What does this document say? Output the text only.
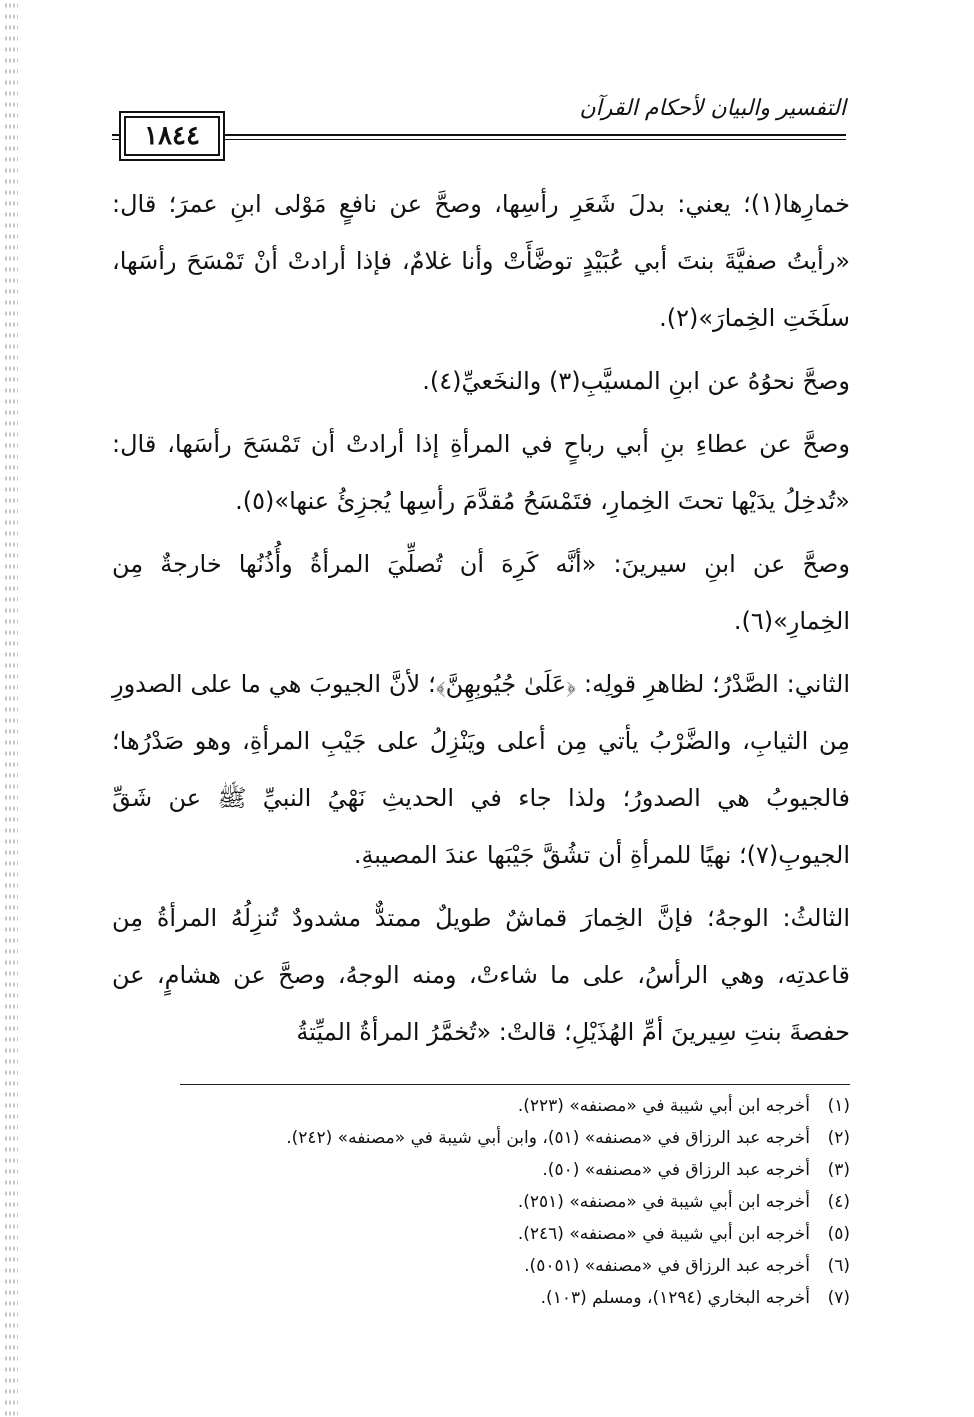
التفسير والبيان لأحكام القرآن
١٨٤٤

خمارِها(١)؛ يعني: بدلَ شَعَرِ رأسِها، وصحَّ عن نافعٍ مَوْلى ابنِ عمرَ؛ قال: «رأيتُ صفيَّةَ بنتَ أبي عُبَيْدٍ توضَّأَتْ وأنا غلامٌ، فإذا أرادتْ أنْ تَمْسَحَ رأسَها، سلَخَتِ الخِمارَ»(٢).

وصحَّ نحوُهُ عن ابنِ المسيَّبِ(٣) والنخَعيِّ(٤).

وصحَّ عن عطاءِ بنِ أبي رباحٍ في المرأةِ إذا أرادتْ أن تَمْسَحَ رأسَها، قال: «تُدخِلُ يدَيْها تحتَ الخِمارِ، فتَمْسَحُ مُقدَّمَ رأسِها يُجزِئُ عنها»(٥).

وصحَّ عن ابنِ سيرينَ: «أنَّه كَرِهَ أن تُصلِّيَ المرأةُ وأُذُنُها خارجةٌ مِن الخِمارِ»(٦).

الثاني: الصَّدْرُ؛ لظاهرِ قولِه: ﴿عَلَىٰ جُيُوبِهِنَّ﴾؛ لأنَّ الجيوبَ هي ما على الصدورِ مِن الثيابِ، والضَّرْبُ يأتي مِن أعلى ويَنْزِلُ على جَيْبِ المرأةِ، وهو صَدْرُها؛ فالجيوبُ هي الصدورُ؛ ولذا جاء في الحديثِ نَهْيُ النبيِّ ﷺ عن شَقِّ الجيوبِ(٧)؛ نهيًا للمرأةِ أن تشُقَّ جَيْبَها عندَ المصيبةِ.

الثالثُ: الوجهُ؛ فإنَّ الخِمارَ قماشٌ طويلٌ ممتدٌّ مشدودٌ تُنزِلُهُ المرأةُ مِن قاعدتِه، وهي الرأسُ، على ما شاءتْ، ومنه الوجهُ، وصحَّ عن هشامٍ، عن حفصةَ بنتِ سِيرينَ أمِّ الهُذَيْلِ؛ قالتْ: «تُخمَّرُ المرأةُ الميِّتةُ

(١)أخرجه ابن أبي شيبة في «مصنفه» (٢٢٣).
(٢)أخرجه عبد الرزاق في «مصنفه» (٥١)، وابن أبي شيبة في «مصنفه» (٢٤٢).
(٣)أخرجه عبد الرزاق في «مصنفه» (٥٠).
(٤)أخرجه ابن أبي شيبة في «مصنفه» (٢٥١).
(٥)أخرجه ابن أبي شيبة في «مصنفه» (٢٤٦).
(٦)أخرجه عبد الرزاق في «مصنفه» (٥٠٥١).
(٧)أخرجه البخاري (١٢٩٤)، ومسلم (١٠٣).
